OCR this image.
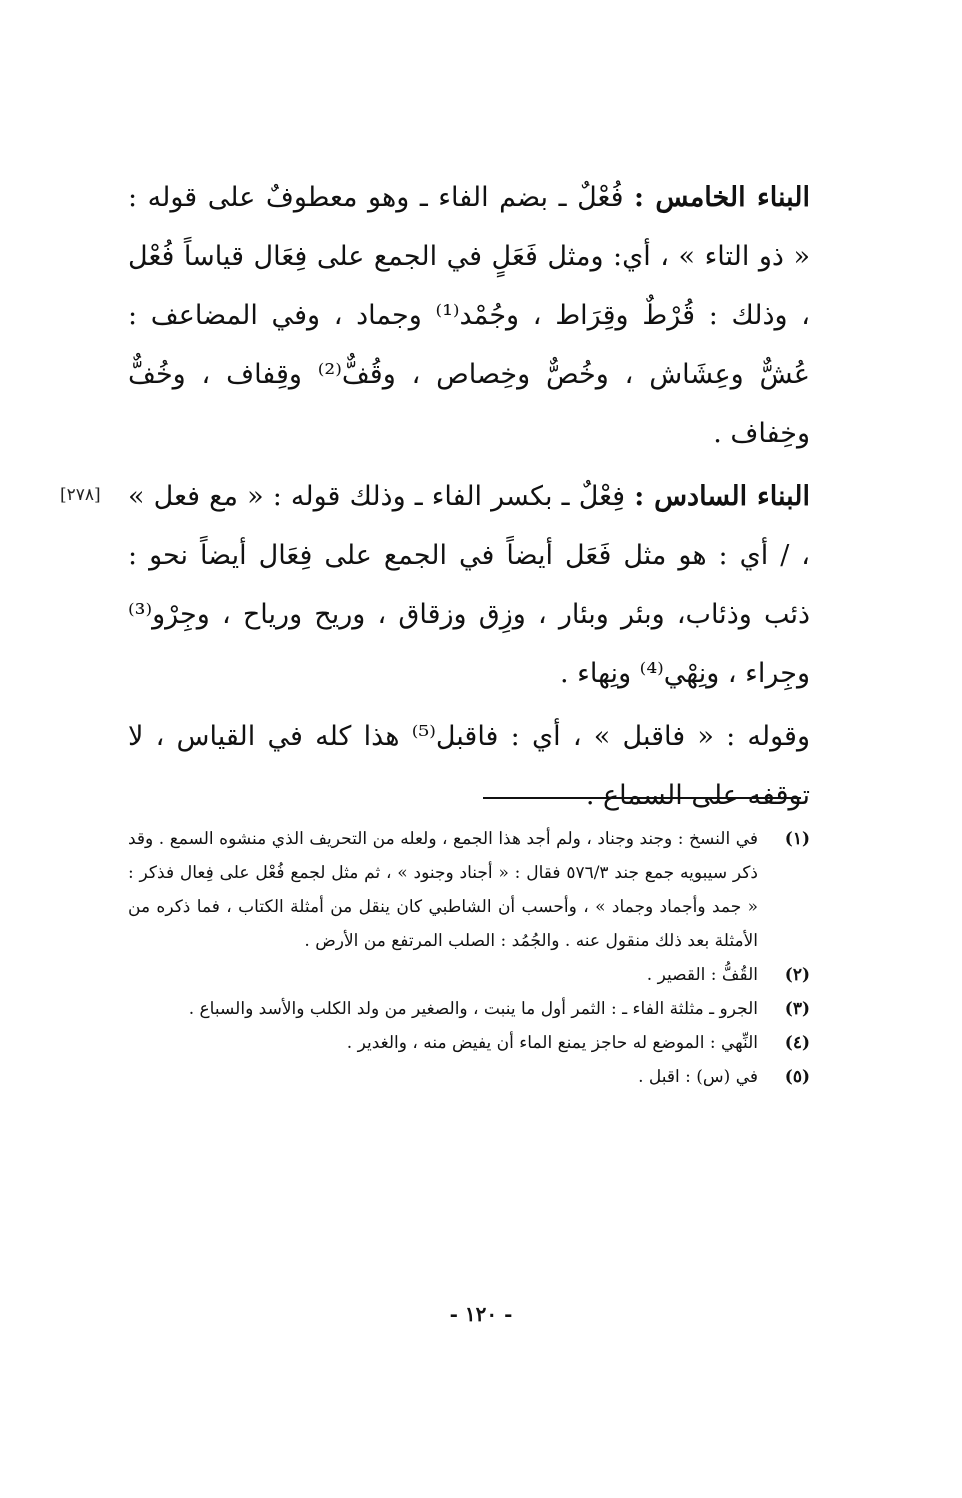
البناء الخامس : فُعْلٌ ـ بضم الفاء ـ وهو معطوفٌ على قوله : « ذو التاء » ، أي: ومثل فَعَلٍ في الجمع على فِعَال قياساً فُعْل ، وذلك : قُرْطٌ وقِرَاط ، وجُمْد⁽¹⁾ وجماد ، وفي المضاعف : عُشٌّ وعِشَاش ، وخُصٌّ وخِصاص ، وقُفٌّ⁽²⁾ وقِفاف ، وخُفٌّ وخِفاف .

البناء السادس : فِعْلٌ ـ بكسر الفاء ـ وذلك قوله : « مع فعل » ، / أي : هو مثل فَعَل أيضاً في الجمع على فِعَال أيضاً نحو : ذئب وذئاب، وبئر وبئار ، وزِق وزقاق ، وريح ورياح ، وجِرْو⁽³⁾ وجِراء ، ونِهْي⁽⁴⁾ ونِهاء .

وقوله : « فاقبل » ، أي : فاقبل⁽⁵⁾ هذا كله في القياس ، لا توقفه على السماع .

[٢٧٨]
(١)
في النسخ : وجند وجناد ، ولم أجد هذا الجمع ، ولعله من التحريف الذي منشوه السمع . وقد ذكر سيبويه جمع جند ٥٧٦/٣ فقال : « أجناد وجنود » ، ثم مثل لجمع فُعْل على فِعال فذكر : « جمد وأجماد وجماد » ، وأحسب أن الشاطبي كان ينقل من أمثلة الكتاب ، فما ذكره من الأمثلة بعد ذلك منقول عنه . والجُمُد : الصلب المرتفع من الأرض .
(٢)
القُفُّ : القصير .
(٣)
الجرو ـ مثلثة الفاء ـ : الثمر أول ما ينبت ، والصغير من ولد الكلب والأسد والسباع .
(٤)
النِّهي : الموضع له حاجز يمنع الماء أن يفيض منه ، والغدير .
(٥)
في (س) : اقبل .
- ١٢٠ -
